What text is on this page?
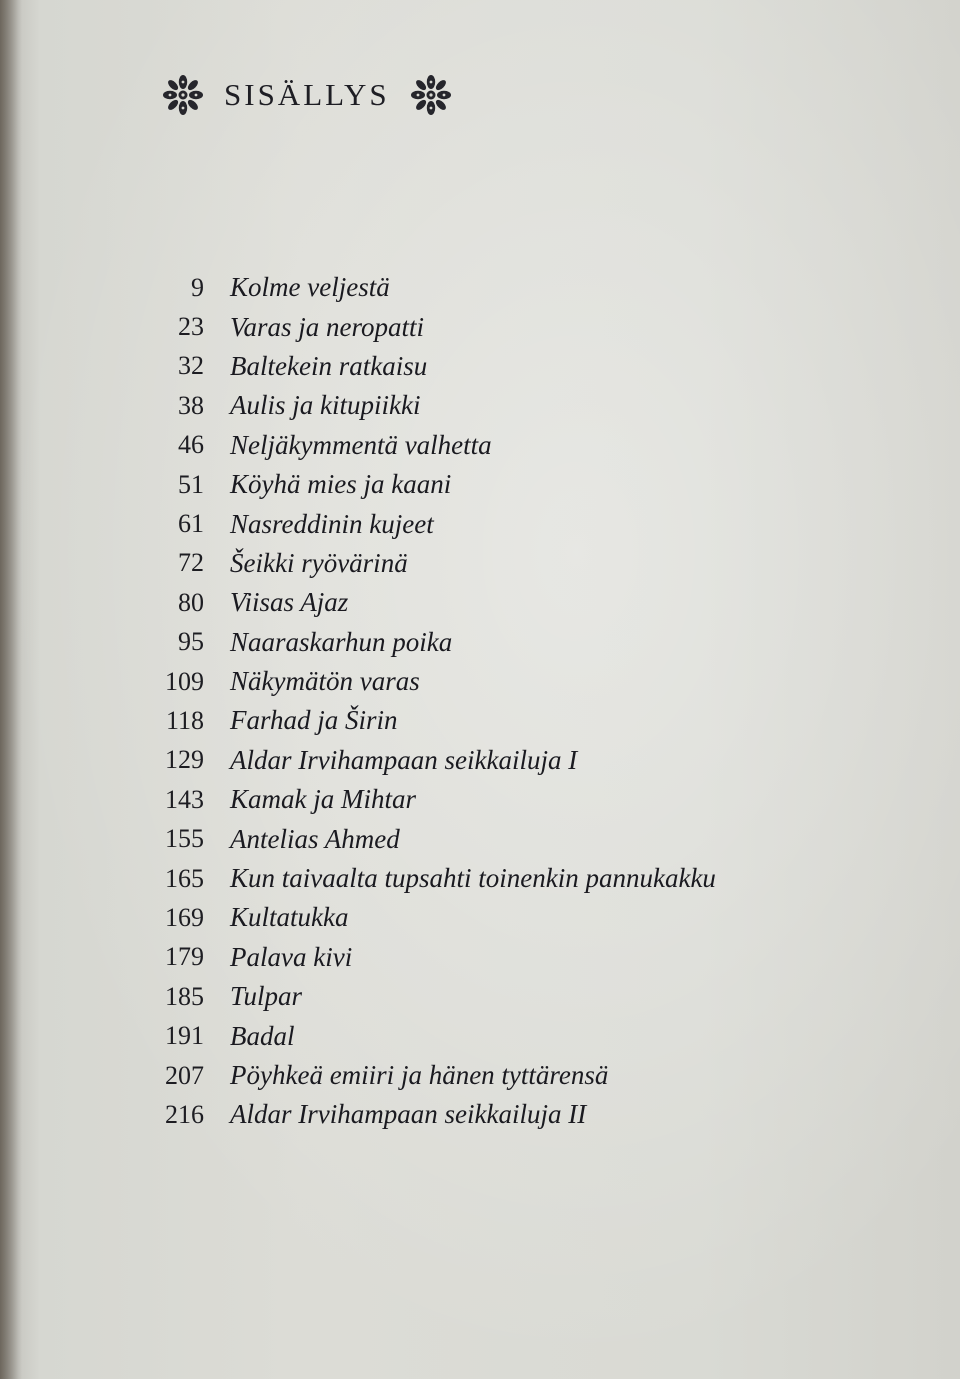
SISÄLLYS
9 Kolme veljestä
23 Varas ja neropatti
32 Baltekein ratkaisu
38 Aulis ja kitupiikki
46 Neljäkymmentä valhetta
51 Köyhä mies ja kaani
61 Nasreddinin kujeet
72 Šeikki ryövärinä
80 Viisas Ajaz
95 Naaraskarhun poika
109 Näkymätön varas
118 Farhad ja Širin
129 Aldar Irvihampaan seikkailuja I
143 Kamak ja Mihtar
155 Antelias Ahmed
165 Kun taivaalta tupsahti toinenkin pannukakku
169 Kultatukka
179 Palava kivi
185 Tulpar
191 Badal
207 Pöyhkeä emiiri ja hänen tyttärensä
216 Aldar Irvihampaan seikkailuja II
